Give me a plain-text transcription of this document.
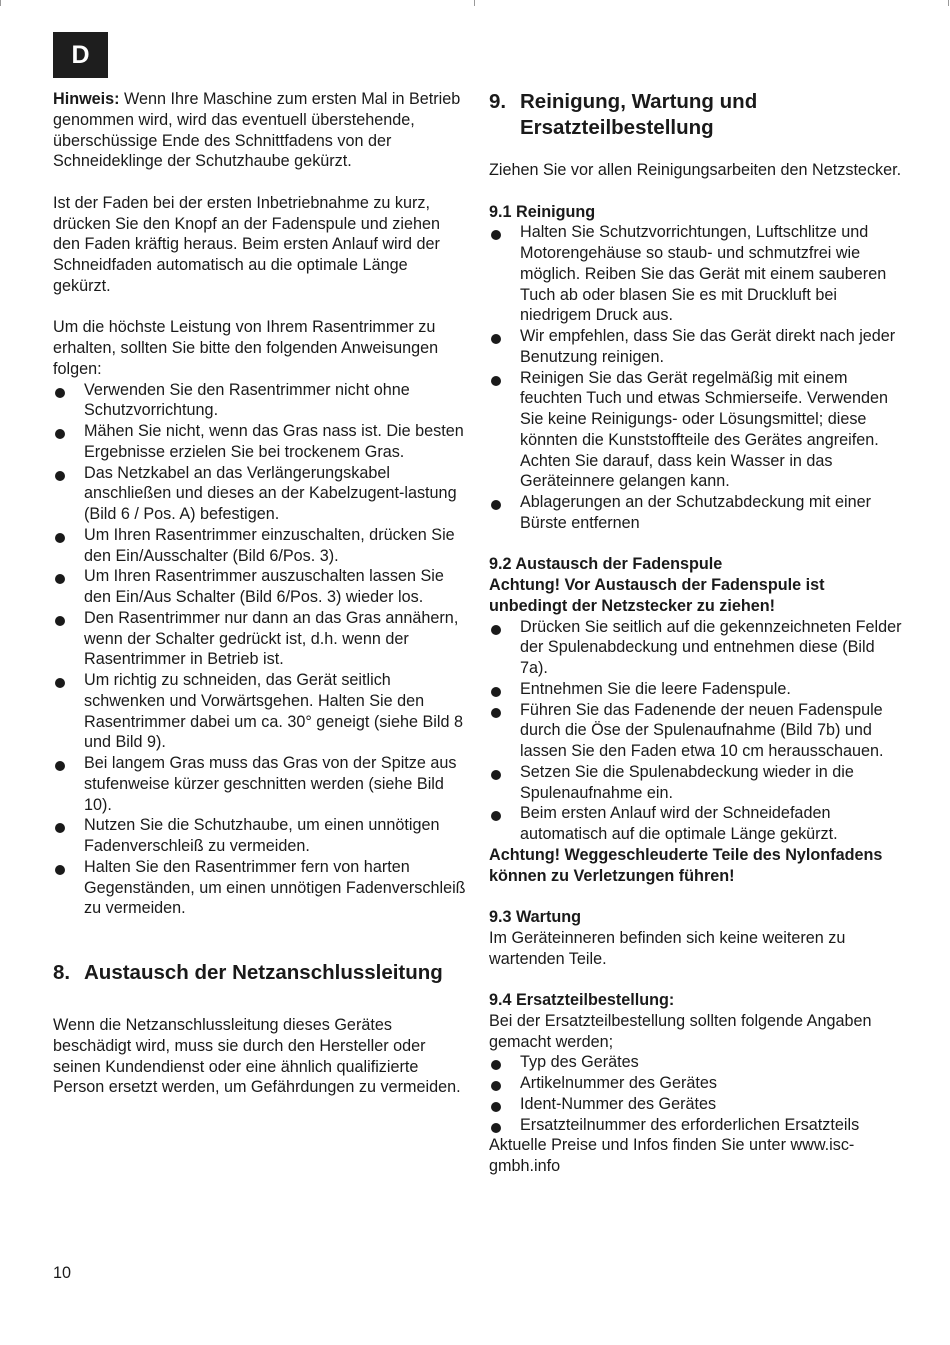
D

Hinweis: Wenn Ihre Maschine zum ersten Mal in Betrieb genommen wird, wird das eventuell überstehende, überschüssige Ende des Schnittfadens von der Schneideklinge der Schutzhaube gekürzt.

Ist der Faden bei der ersten Inbetriebnahme zu kurz, drücken Sie den Knopf an der Fadenspule und ziehen den Faden kräftig heraus. Beim ersten Anlauf wird der Schneidfaden automatisch au die optimale Länge gekürzt.

Um die höchste Leistung von Ihrem Rasentrimmer zu erhalten, sollten Sie bitte den folgenden Anweisungen folgen:

Verwenden Sie den Rasentrimmer nicht ohne Schutzvorrichtung.
Mähen Sie nicht, wenn das Gras nass ist. Die besten Ergebnisse erzielen Sie bei trockenem Gras.
Das Netzkabel an das Verlängerungskabel anschließen und dieses an der Kabelzugent-lastung (Bild 6 / Pos. A) befestigen.
Um Ihren Rasentrimmer einzuschalten, drücken Sie den Ein/Ausschalter (Bild 6/Pos. 3).
Um Ihren Rasentrimmer auszuschalten lassen Sie den Ein/Aus Schalter (Bild 6/Pos. 3) wieder los.
Den Rasentrimmer nur dann an das Gras annähern, wenn der Schalter gedrückt ist, d.h. wenn der Rasentrimmer in Betrieb ist.
Um richtig zu schneiden, das Gerät seitlich schwenken und Vorwärtsgehen. Halten Sie den Rasentrimmer dabei um ca. 30° geneigt (siehe Bild 8 und Bild 9).
Bei langem Gras muss das Gras von der Spitze aus stufenweise kürzer geschnitten werden (siehe Bild 10).
Nutzen Sie die Schutzhaube, um einen unnötigen Fadenverschleiß zu vermeiden.
Halten Sie den Rasentrimmer fern von harten Gegenständen, um einen unnötigen Fadenverschleiß zu vermeiden.
8. Austausch der Netzanschlussleitung

Wenn die Netzanschlussleitung dieses Gerätes beschädigt wird, muss sie durch den Hersteller oder seinen Kundendienst oder eine ähnlich qualifizierte Person ersetzt werden, um Gefährdungen zu vermeiden.

9. Reinigung, Wartung und Ersatzteilbestellung

Ziehen Sie vor allen Reinigungsarbeiten den Netzstecker.

9.1 Reinigung

Halten Sie Schutzvorrichtungen, Luftschlitze und Motorengehäuse so staub- und schmutzfrei wie möglich. Reiben Sie das Gerät mit einem sauberen Tuch ab oder blasen Sie es mit Druckluft bei niedrigem Druck aus.
Wir empfehlen, dass Sie das Gerät direkt nach jeder Benutzung reinigen.
Reinigen Sie das Gerät regelmäßig mit einem feuchten Tuch und etwas Schmierseife. Verwenden Sie keine Reinigungs- oder Lösungsmittel; diese könnten die Kunststoffteile des Gerätes angreifen. Achten Sie darauf, dass kein Wasser in das Geräteinnere gelangen kann.
Ablagerungen an der Schutzabdeckung mit einer Bürste entfernen

9.2 Austausch der Fadenspule

Achtung! Vor Austausch der Fadenspule ist unbedingt der Netzstecker zu ziehen!

Drücken Sie seitlich auf die gekennzeichneten Felder der Spulenabdeckung und entnehmen diese (Bild 7a).
Entnehmen Sie die leere Fadenspule.
Führen Sie das Fadenende der neuen Fadenspule durch die Öse der Spulenaufnahme (Bild 7b) und lassen Sie den Faden etwa 10 cm herausschauen.
Setzen Sie die Spulenabdeckung wieder in die Spulenaufnahme ein.
Beim ersten Anlauf wird der Schneidefaden automatisch auf die optimale Länge gekürzt.

Achtung! Weggeschleuderte Teile des Nylonfadens können zu Verletzungen führen!

9.3 Wartung

Im Geräteinneren befinden sich keine weiteren zu wartenden Teile.

9.4 Ersatzteilbestellung:

Bei der Ersatzteilbestellung sollten folgende Angaben gemacht werden;

Typ des Gerätes
Artikelnummer des Gerätes
Ident-Nummer des Gerätes
Ersatzteilnummer des erforderlichen Ersatzteils

Aktuelle Preise und Infos finden Sie unter www.isc-gmbh.info

10
